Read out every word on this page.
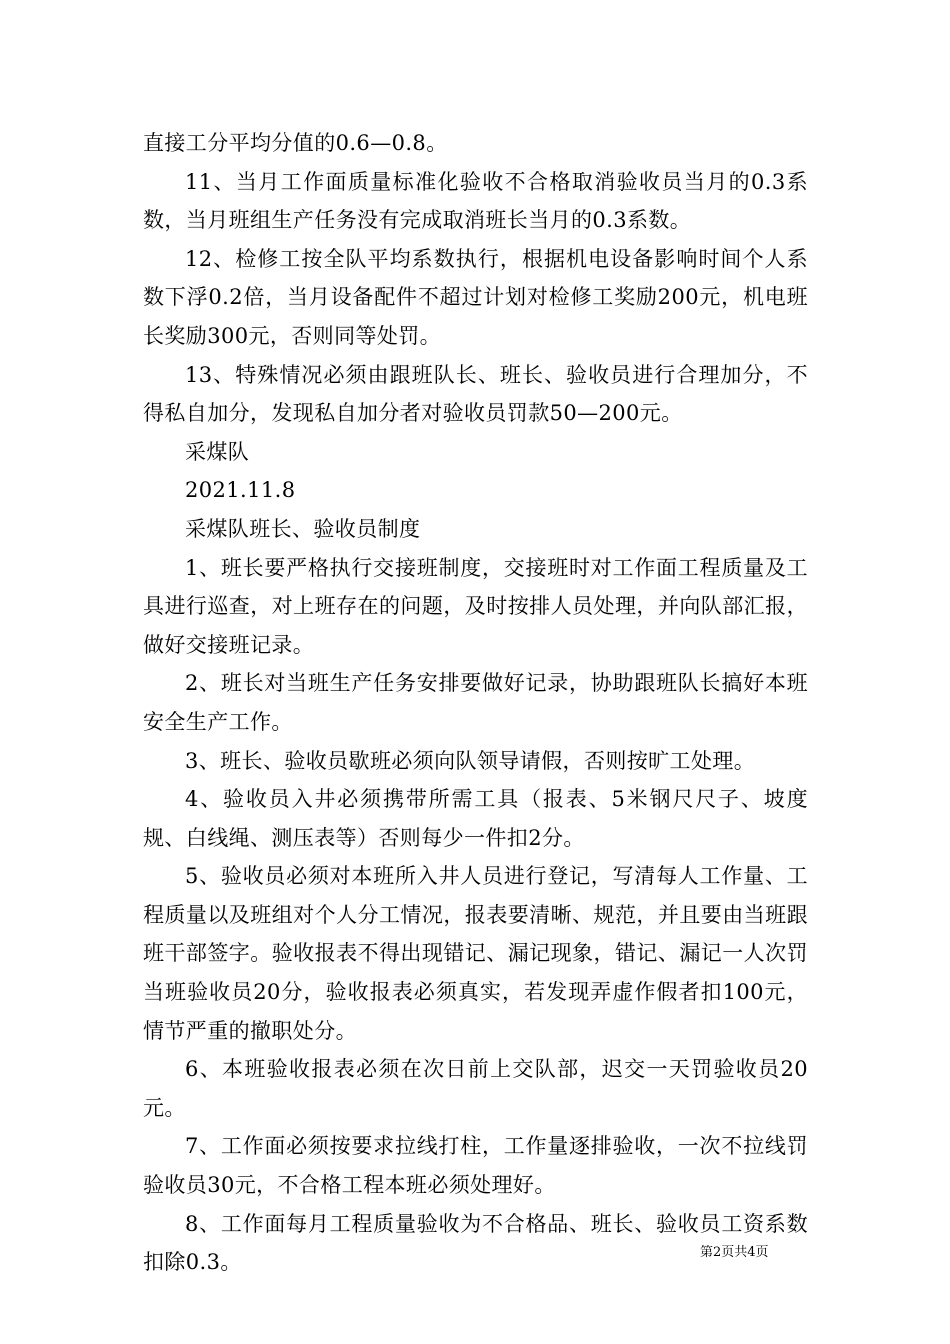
直接工分平均分值的0.6—0.8。

11、当月工作面质量标准化验收不合格取消验收员当月的0.3系数，当月班组生产任务没有完成取消班长当月的0.3系数。

12、检修工按全队平均系数执行，根据机电设备影响时间个人系数下浮0.2倍，当月设备配件不超过计划对检修工奖励200元，机电班长奖励300元，否则同等处罚。

13、特殊情况必须由跟班队长、班长、验收员进行合理加分，不得私自加分，发现私自加分者对验收员罚款50—200元。

采煤队

2021.11.8

采煤队班长、验收员制度

1、班长要严格执行交接班制度，交接班时对工作面工程质量及工具进行巡查，对上班存在的问题，及时按排人员处理，并向队部汇报，做好交接班记录。

2、班长对当班生产任务安排要做好记录，协助跟班队长搞好本班安全生产工作。

3、班长、验收员歇班必须向队领导请假，否则按旷工处理。

4、验收员入井必须携带所需工具（报表、5米钢尺尺子、坡度规、白线绳、测压表等）否则每少一件扣2分。

5、验收员必须对本班所入井人员进行登记，写清每人工作量、工程质量以及班组对个人分工情况，报表要清晰、规范，并且要由当班跟班干部签字。验收报表不得出现错记、漏记现象，错记、漏记一人次罚当班验收员20分，验收报表必须真实，若发现弄虚作假者扣100元，情节严重的撤职处分。

6、本班验收报表必须在次日前上交队部，迟交一天罚验收员20元。

7、工作面必须按要求拉线打柱，工作量逐排验收，一次不拉线罚验收员30元，不合格工程本班必须处理好。

8、工作面每月工程质量验收为不合格品、班长、验收员工资系数扣除0.3。	第2页共4页
